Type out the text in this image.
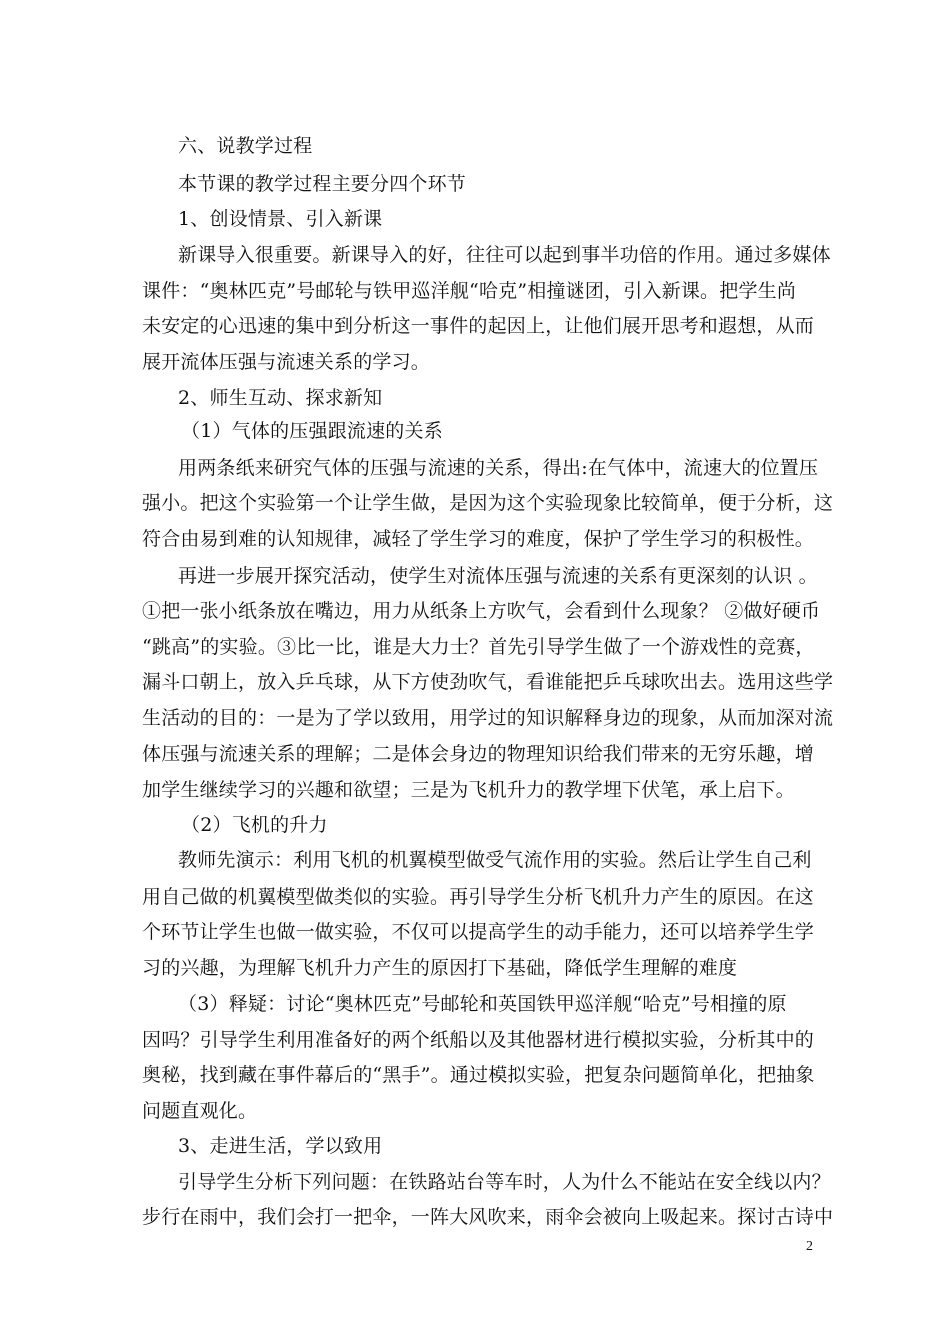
六、说教学过程
本节课的教学过程主要分四个环节
1、创设情景、引入新课
新课导入很重要。新课导入的好，往往可以起到事半功倍的作用。通过多媒体
课件：“奥林匹克”号邮轮与铁甲巡洋舰“哈克”相撞谜团，引入新课。把学生尚
未安定的心迅速的集中到分析这一事件的起因上，让他们展开思考和遐想，从而
展开流体压强与流速关系的学习。
2、师生互动、探求新知
（1）气体的压强跟流速的关系
用两条纸来研究气体的压强与流速的关系，得出:在气体中，流速大的位置压
强小。把这个实验第一个让学生做，是因为这个实验现象比较简单，便于分析，这
符合由易到难的认知规律，减轻了学生学习的难度，保护了学生学习的积极性。
再进一步展开探究活动，使学生对流体压强与流速的关系有更深刻的认识 。
①把一张小纸条放在嘴边，用力从纸条上方吹气，会看到什么现象？ ②做好硬币
“跳高”的实验。③比一比，谁是大力士？首先引导学生做了一个游戏性的竞赛，
漏斗口朝上，放入乒乓球，从下方使劲吹气，看谁能把乒乓球吹出去。选用这些学
生活动的目的：一是为了学以致用，用学过的知识解释身边的现象，从而加深对流
体压强与流速关系的理解；二是体会身边的物理知识给我们带来的无穷乐趣，增
加学生继续学习的兴趣和欲望；三是为飞机升力的教学埋下伏笔，承上启下。
（2）飞机的升力
教师先演示：利用飞机的机翼模型做受气流作用的实验。然后让学生自己利
用自己做的机翼模型做类似的实验。再引导学生分析飞机升力产生的原因。在这
个环节让学生也做一做实验，不仅可以提高学生的动手能力，还可以培养学生学
习的兴趣，为理解飞机升力产生的原因打下基础，降低学生理解的难度
（3）释疑：讨论“奥林匹克”号邮轮和英国铁甲巡洋舰“哈克”号相撞的原
因吗？引导学生利用准备好的两个纸船以及其他器材进行模拟实验，分析其中的
奥秘，找到藏在事件幕后的“黑手”。通过模拟实验，把复杂问题简单化，把抽象
问题直观化。
3、走进生活，学以致用
引导学生分析下列问题：在铁路站台等车时，人为什么不能站在安全线以内？
步行在雨中，我们会打一把伞，一阵大风吹来，雨伞会被向上吸起来。探讨古诗中
2
